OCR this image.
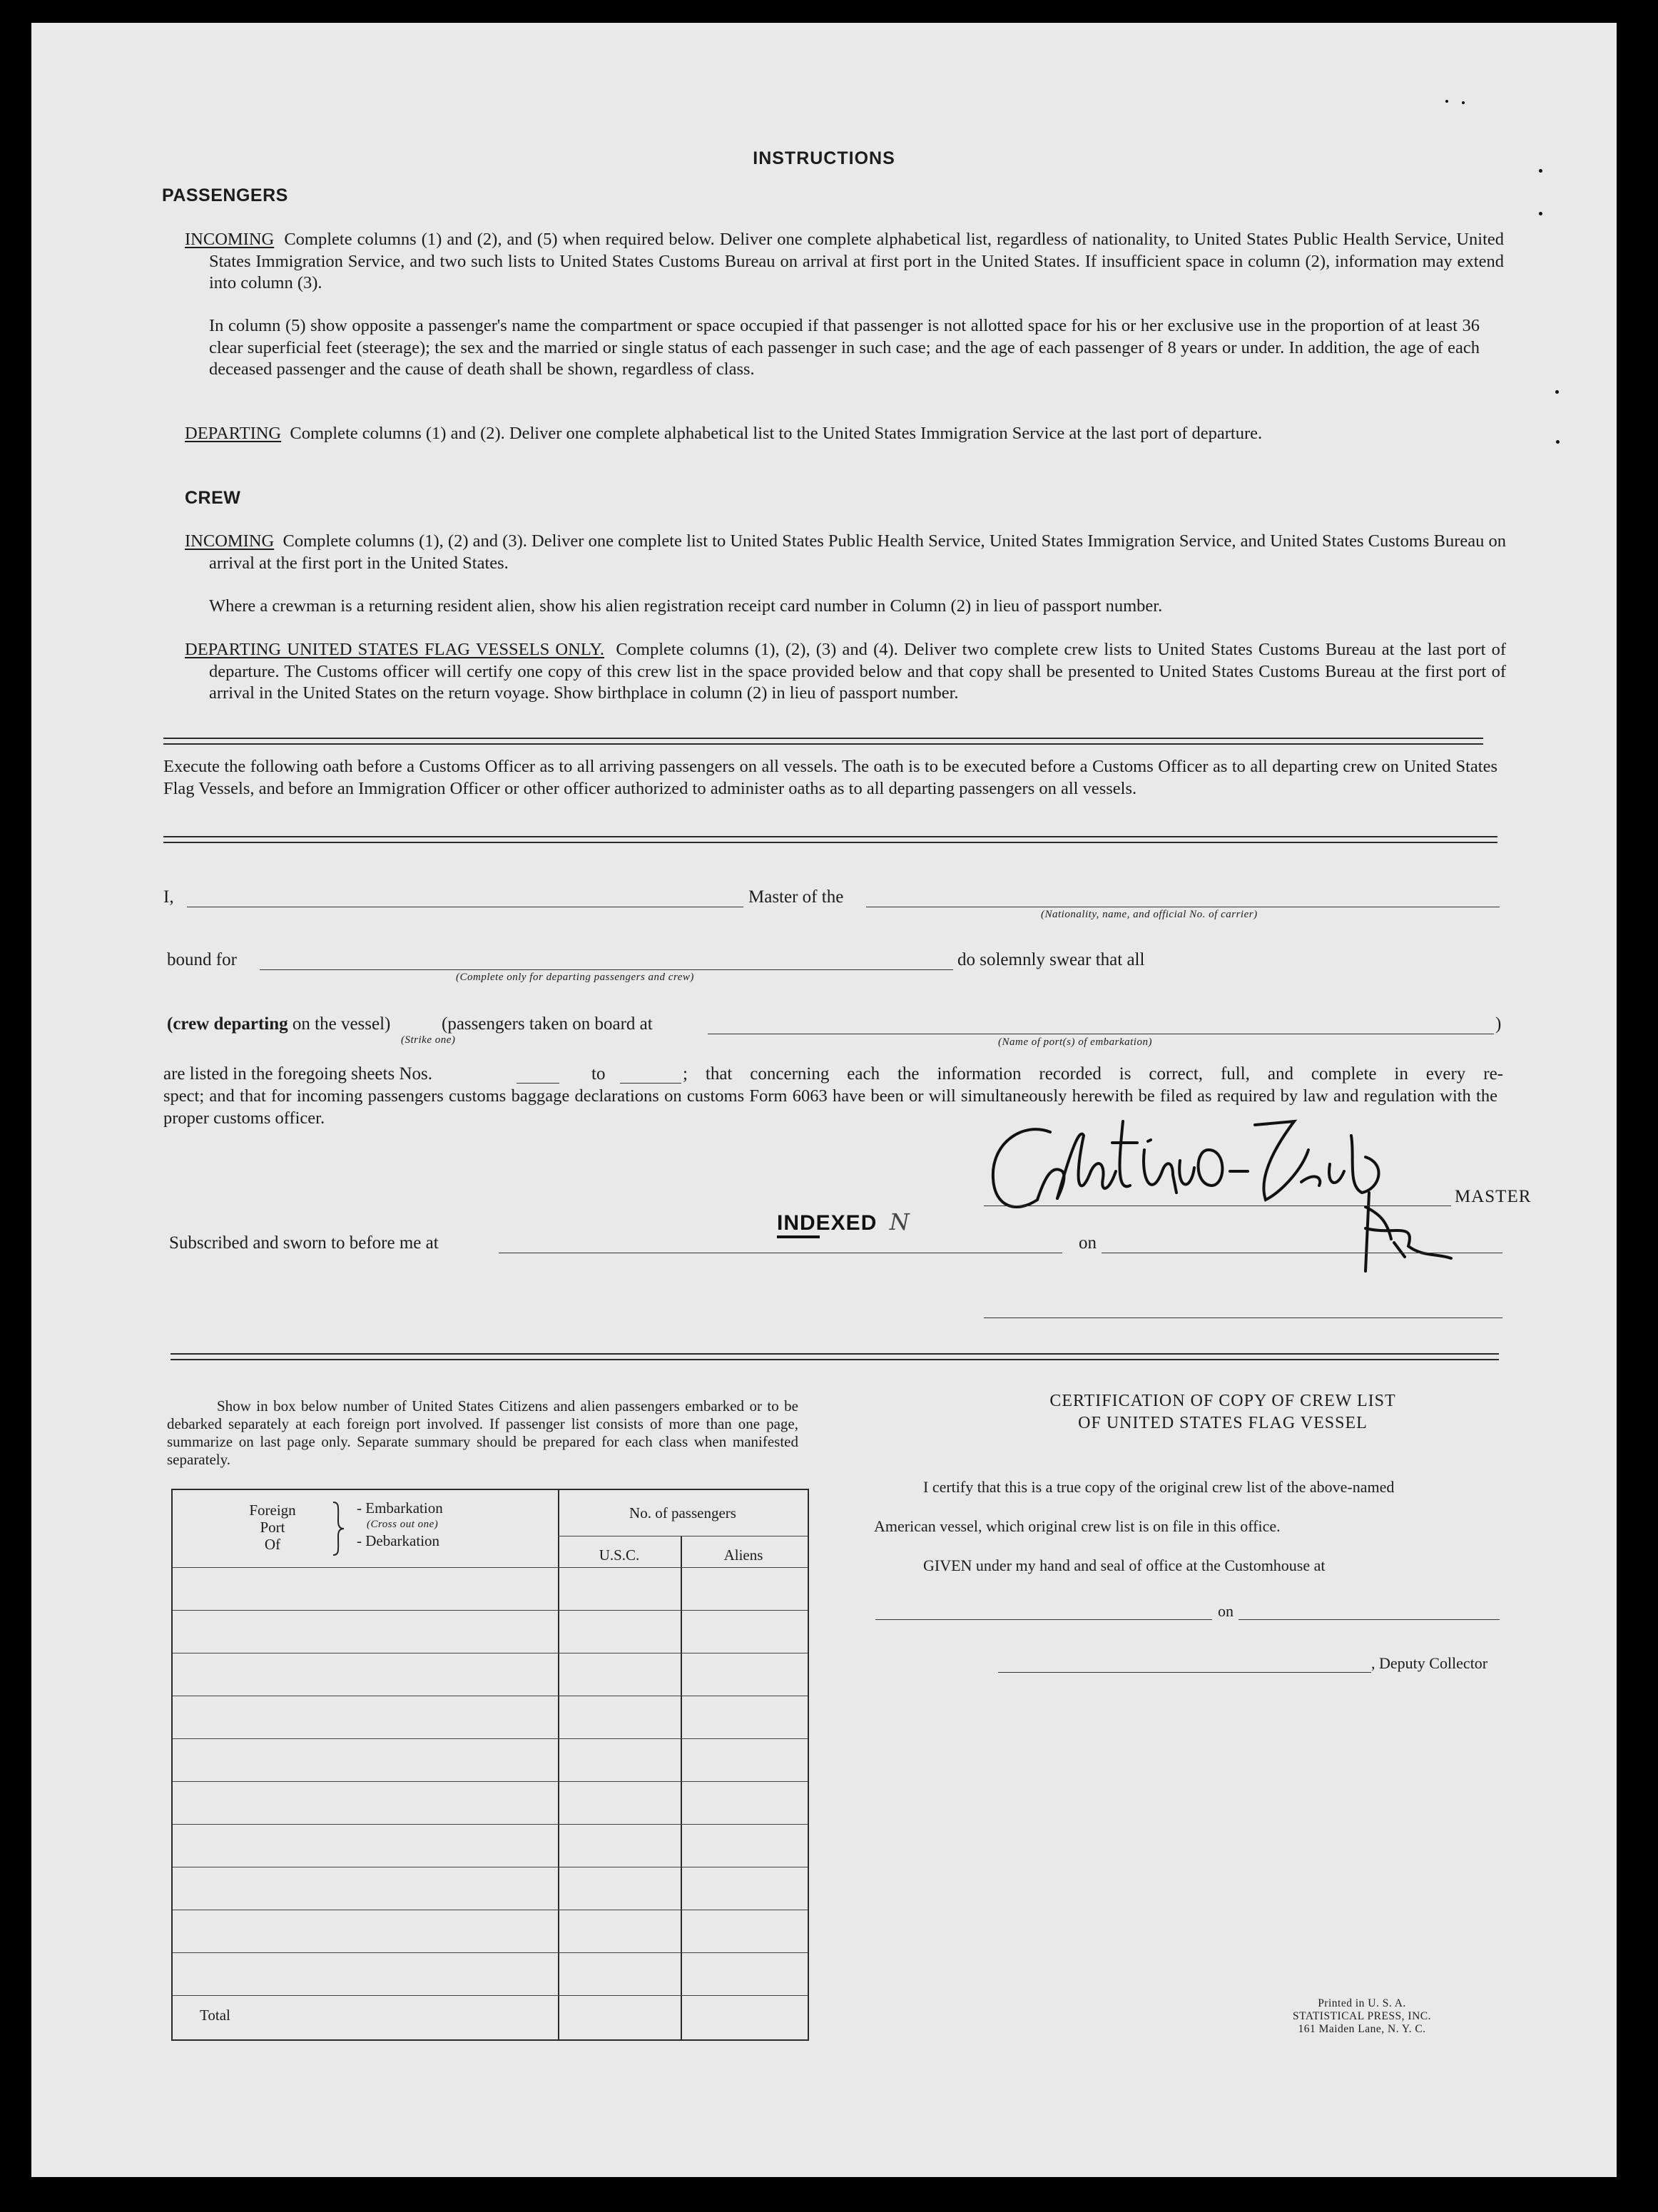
INSTRUCTIONS
PASSENGERS
INCOMING Complete columns (1) and (2), and (5) when required below. Deliver one complete alphabetical list, regardless of nationality, to United States Public Health Service, United States Immigration Service, and two such lists to United States Customs Bureau on arrival at first port in the United States. If insufficient space in column (2), information may extend into column (3).
In column (5) show opposite a passenger's name the compartment or space occupied if that passenger is not allotted space for his or her exclusive use in the proportion of at least 36 clear superficial feet (steerage); the sex and the married or single status of each passenger in such case; and the age of each passenger of 8 years or under. In addition, the age of each deceased passenger and the cause of death shall be shown, regardless of class.
DEPARTING Complete columns (1) and (2). Deliver one complete alphabetical list to the United States Immigration Service at the last port of departure.
CREW
INCOMING Complete columns (1), (2) and (3). Deliver one complete list to United States Public Health Service, United States Immigration Service, and United States Customs Bureau on arrival at the first port in the United States.
Where a crewman is a returning resident alien, show his alien registration receipt card number in Column (2) in lieu of passport number.
DEPARTING UNITED STATES FLAG VESSELS ONLY. Complete columns (1), (2), (3) and (4). Deliver two complete crew lists to United States Customs Bureau at the last port of departure. The Customs officer will certify one copy of this crew list in the space provided below and that copy shall be presented to United States Customs Bureau at the first port of arrival in the United States on the return voyage. Show birthplace in column (2) in lieu of passport number.
Execute the following oath before a Customs Officer as to all arriving passengers on all vessels. The oath is to be executed before a Customs Officer as to all departing crew on United States Flag Vessels, and before an Immigration Officer or other officer authorized to administer oaths as to all departing passengers on all vessels.
I,	Master of the
(Nationality, name, and official No. of carrier)
bound for
(Complete only for departing passengers and crew)
do solemnly swear that all
(crew departing on the vessel)
(Strike one)
(passengers taken on board at	)
(Name of port(s) of embarkation)
are listed in the foregoing sheets Nos.	to	; that concerning each the information recorded is correct, full, and complete in every re-
spect; and that for incoming passengers customs baggage declarations on customs Form 6063 have been or will simultaneously herewith be filed as required by law and regulation with the proper customs officer.
MASTER
INDEXED N
Subscribed and sworn to before me at	on
Show in box below number of United States Citizens and alien passengers embarked or to be debarked separately at each foreign port involved. If passenger list consists of more than one page, summarize on last page only. Separate summary should be prepared for each class when manifested separately.
Foreign
Port
Of
- Embarkation
(Cross out one)
- Debarkation
No. of passengers
U.S.C.	Aliens
Total
CERTIFICATION OF COPY OF CREW LIST
OF UNITED STATES FLAG VESSEL
I certify that this is a true copy of the original crew list of the above-named
American vessel, which original crew list is on file in this office.
GIVEN under my hand and seal of office at the Customhouse at
on
, Deputy Collector
Printed in U. S. A.
STATISTICAL PRESS, INC.
161 Maiden Lane, N. Y. C.
